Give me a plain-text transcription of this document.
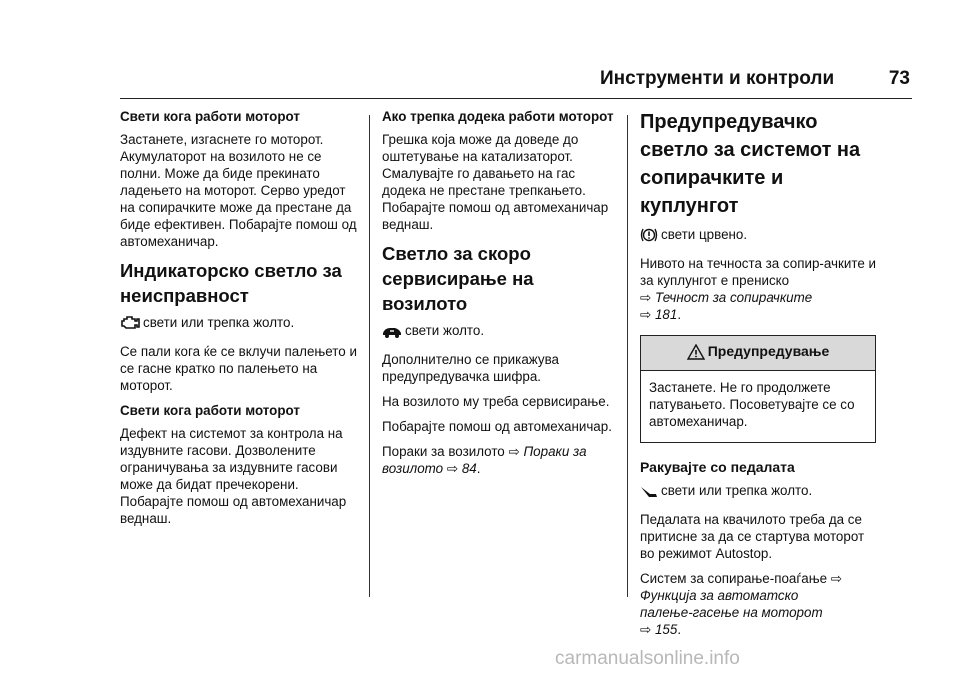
Инструменти и контроли	73
Свети кога работи моторот

Застанете, изгаснете го моторот. Акумулаторот на возилото не се полни. Може да биде прекинато ладењето на моторот. Серво уредот на сопирачките може да престане да биде ефективен. Побарајте помош од автомеханичар.

Индикаторско светло за
неисправност

свети или трепка жолто.

Се пали кога ќе се вклучи палењето и се гасне кратко по палењето на моторот.

Свети кога работи моторот

Дефект на системот за контрола на издувните гасови. Дозволените ограничувања за издувните гасови може да бидат пречекорени. Побарајте помош од автомеханичар веднаш.

Ако трепка додека работи моторот

Грешка која може да доведе до оштетување на катализаторот. Смалувајте го давањето на гас додека не престане трепкањето. Побарајте помош од автомеханичар веднаш.

Светло за скоро
сервисирање на
возилото

свети жолто.

Дополнително се прикажува предупредувачка шифра.

На возилото му треба сервисирање.

Побарајте помош од автомеханичар.

Пораки за возилото ⇨ Пораки за
возилото ⇨ 84.

Предупредувачко
светло за системот на
сопирачките и куплунгот

свети црвено.

Нивото на течноста за сопир-ачките и за куплунгот е прениско
⇨ Течност за сопирачките
⇨ 181.

Предупредување

Застанете. Не го продолжете патувањето. Посоветувајте се со автомеханичар.

Ракувајте со педалата

свети или трепка жолто.

Педалата на квачилото треба да се притисне за да се стартува моторот во режимот Autostop.

Систем за сопирање-поаѓање ⇨
Функција за автоматско
палење-гасење на моторот
⇨ 155.

carmanualsonline.info
